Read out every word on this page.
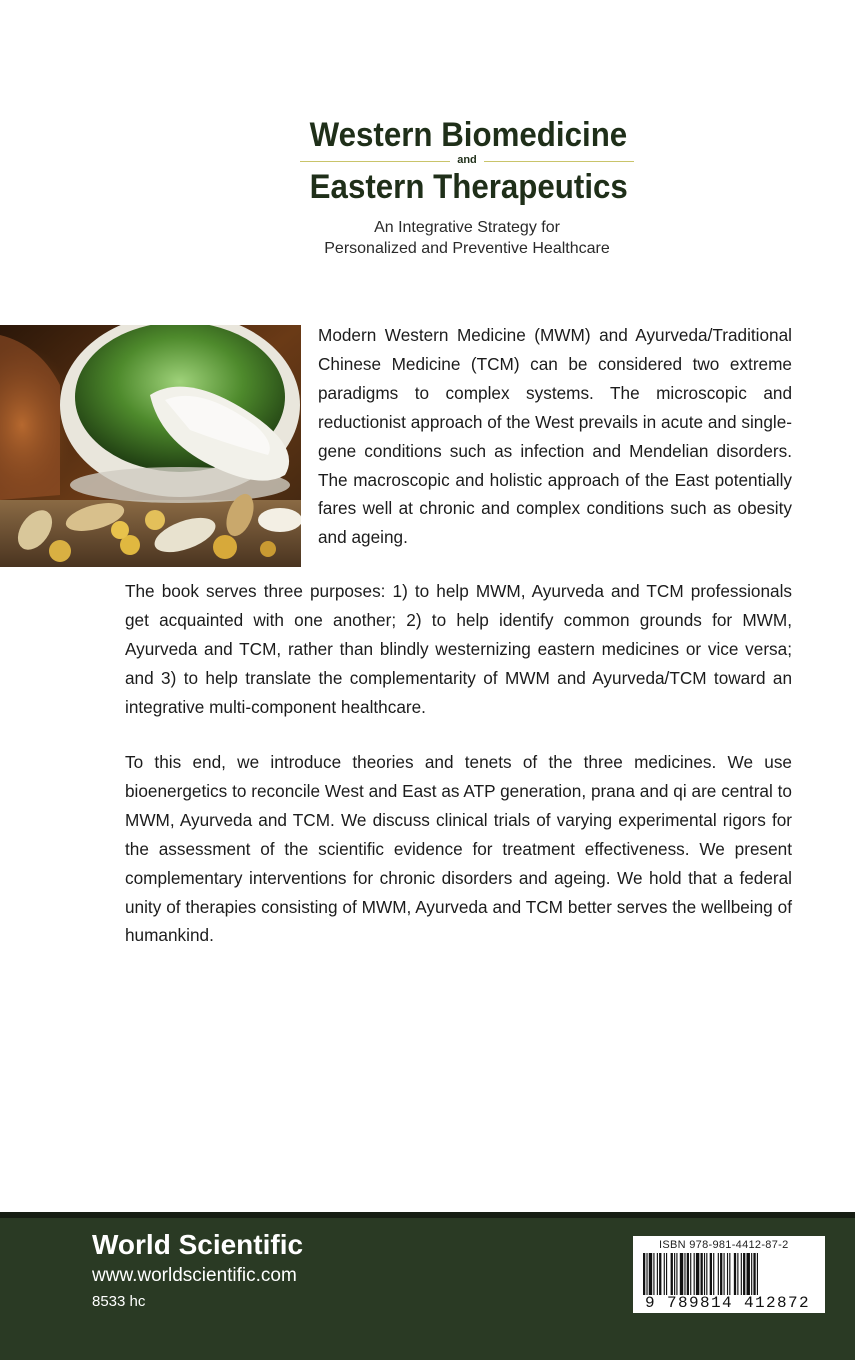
Western Biomedicine
and
Eastern Therapeutics
An Integrative Strategy for
Personalized and Preventive Healthcare
Modern Western Medicine (MWM) and Ayurveda/Traditional Chinese Medicine (TCM) can be considered two extreme paradigms to complex systems. The microscopic and reductionist approach of the West prevails in acute and single-gene conditions such as infection and Mendelian disorders. The macroscopic and holistic approach of the East potentially fares well at chronic and complex conditions such as obesity and ageing.
The book serves three purposes: 1) to help MWM, Ayurveda and TCM professionals get acquainted with one another; 2) to help identify common grounds for MWM, Ayurveda and TCM, rather than blindly westernizing eastern medicines or vice versa; and 3) to help translate the complementarity of MWM and Ayurveda/TCM toward an integrative multi-component healthcare.
To this end, we introduce theories and tenets of the three medicines. We use bioenergetics to reconcile West and East as ATP generation, prana and qi are central to MWM, Ayurveda and TCM. We discuss clinical trials of varying experimental rigors for the assessment of the scientific evidence for treatment effectiveness. We present complementary interventions for chronic disorders and ageing. We hold that a federal unity of therapies consisting of MWM, Ayurveda and TCM better serves the wellbeing of humankind.
World Scientific
www.worldscientific.com
8533 hc
ISBN 978-981-4412-87-2
9 789814 412872
